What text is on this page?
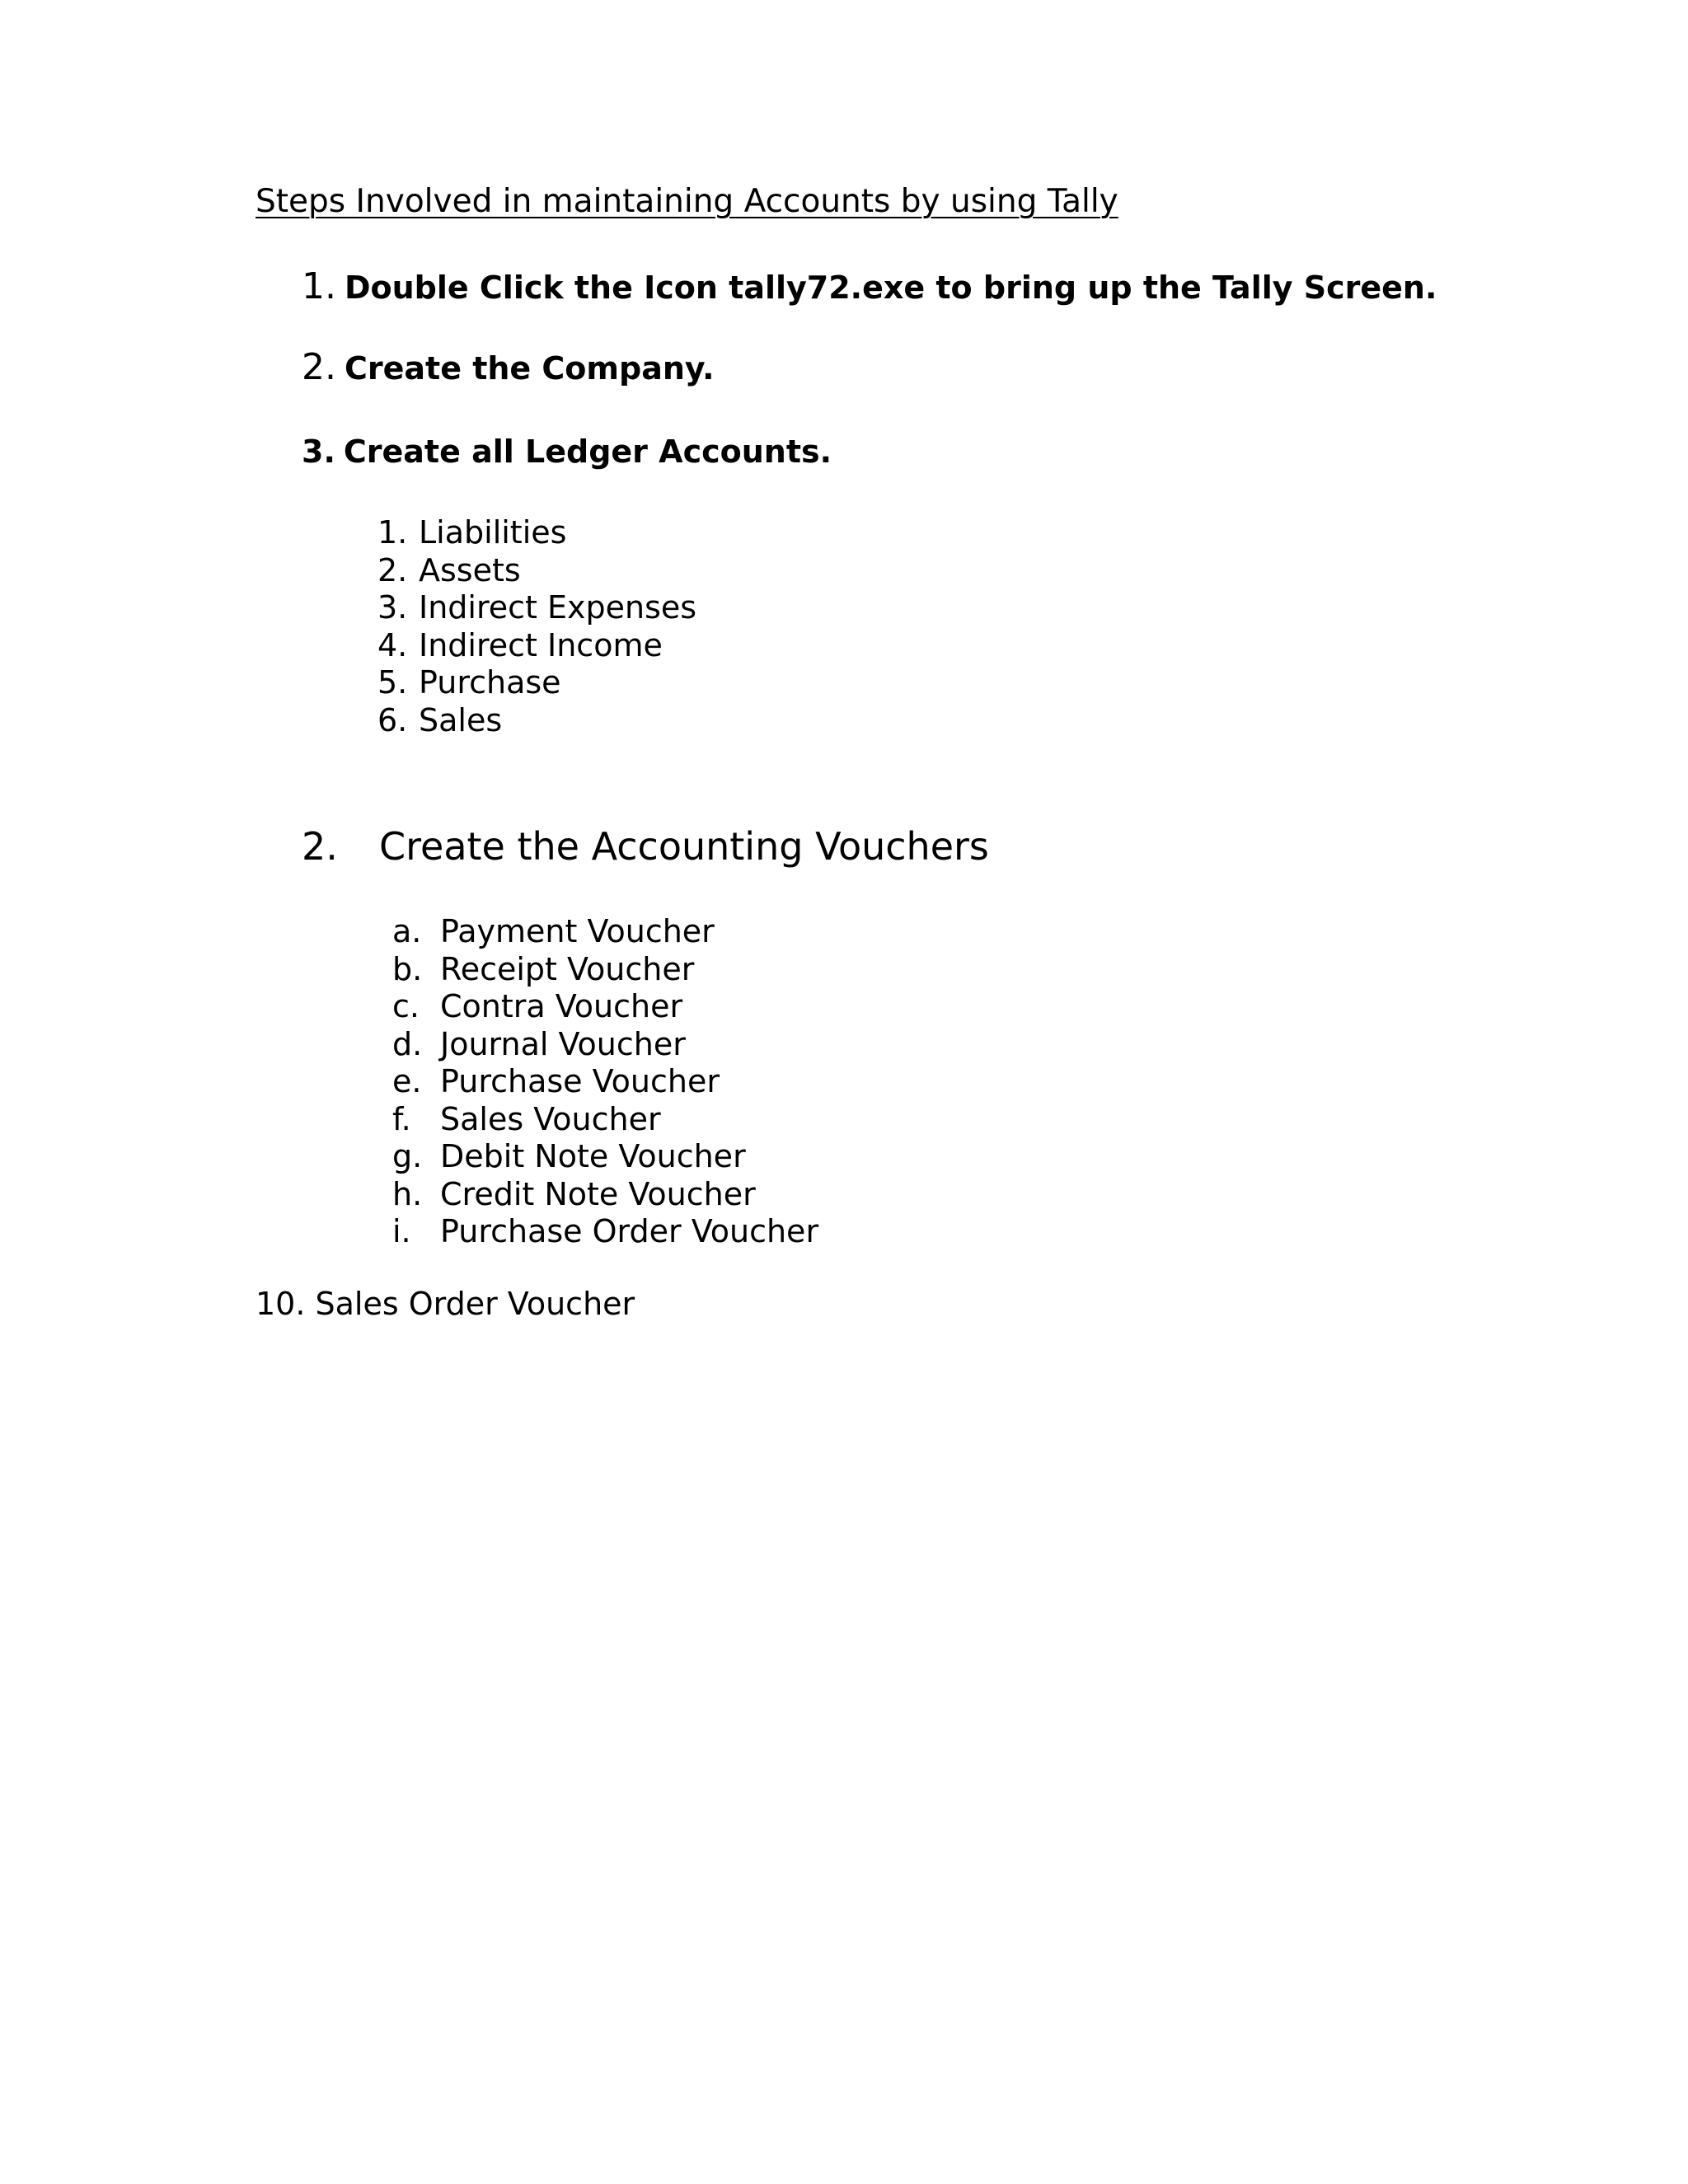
Steps Involved in maintaining Accounts by using Tally
1. Double Click the Icon tally72.exe to bring up the Tally Screen.
2. Create the Company.
3. Create all Ledger Accounts.
1. Liabilities
2. Assets
3. Indirect Expenses
4. Indirect Income
5. Purchase
6. Sales
2. Create the Accounting Vouchers
a. Payment Voucher
b. Receipt Voucher
c. Contra Voucher
d. Journal Voucher
e. Purchase Voucher
f. Sales Voucher
g. Debit Note Voucher
h. Credit Note Voucher
i. Purchase Order Voucher
10. Sales Order Voucher
